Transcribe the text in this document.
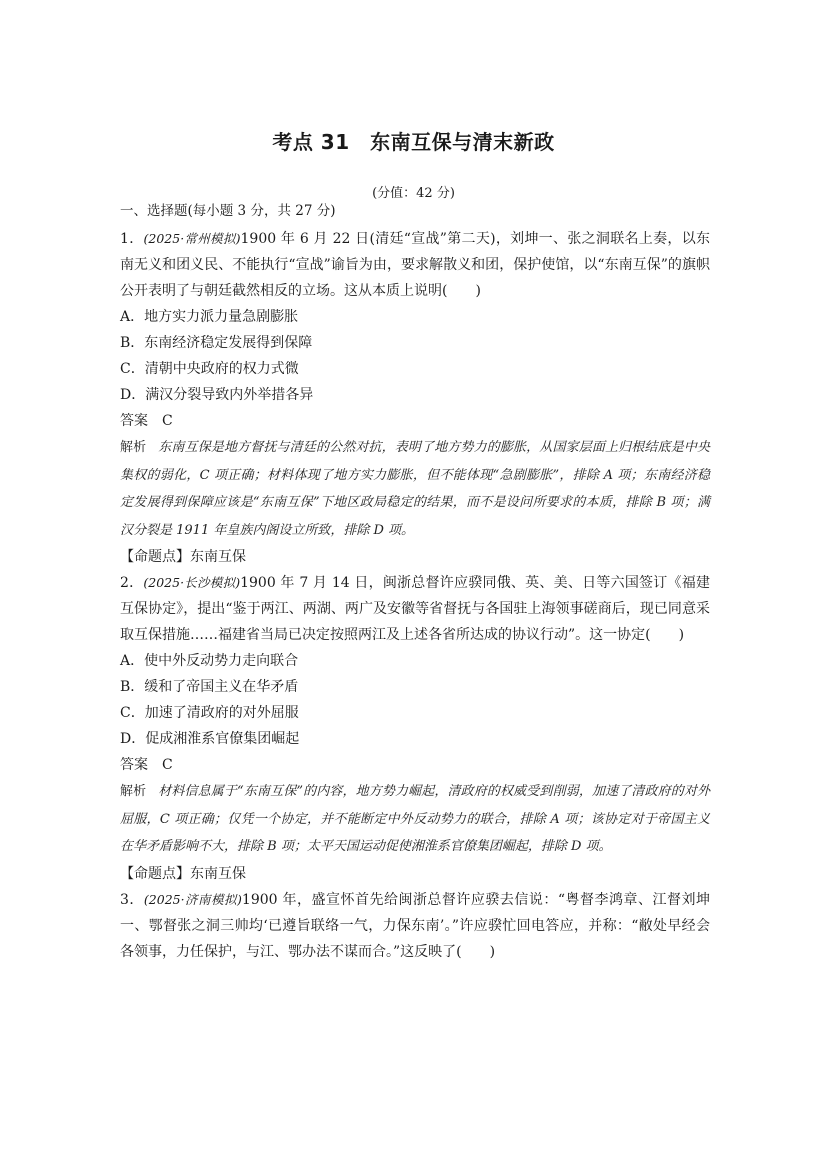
考点 31　东南互保与清末新政
(分值：42 分)
一、选择题(每小题 3 分，共 27 分)

1．(2025·常州模拟)1900 年 6 月 22 日(清廷“宣战”第二天)，刘坤一、张之洞联名上奏，以东南无义和团义民、不能执行“宣战”谕旨为由，要求解散义和团，保护使馆，以“东南互保”的旗帜公开表明了与朝廷截然相反的立场。这从本质上说明(　　)

A．地方实力派力量急剧膨胀

B．东南经济稳定发展得到保障

C．清朝中央政府的权力式微

D．满汉分裂导致内外举措各异

答案 C

解析 东南互保是地方督抚与清廷的公然对抗，表明了地方势力的膨胀，从国家层面上归根结底是中央集权的弱化，C 项正确；材料体现了地方实力膨胀，但不能体现“急剧膨胀”，排除 A 项；东南经济稳定发展得到保障应该是“东南互保”下地区政局稳定的结果，而不是设问所要求的本质，排除 B 项；满汉分裂是 1911 年皇族内阁设立所致，排除 D 项。

【命题点】东南互保

2．(2025·长沙模拟)1900 年 7 月 14 日，闽浙总督许应骙同俄、英、美、日等六国签订《福建互保协定》，提出“鉴于两江、两湖、两广及安徽等省督抚与各国驻上海领事磋商后，现已同意采取互保措施……福建省当局已决定按照两江及上述各省所达成的协议行动”。这一协定(　　)

A．使中外反动势力走向联合

B．缓和了帝国主义在华矛盾

C．加速了清政府的对外屈服

D．促成湘淮系官僚集团崛起

答案 C

解析 材料信息属于“东南互保”的内容，地方势力崛起，清政府的权威受到削弱，加速了清政府的对外屈服，C 项正确；仅凭一个协定，并不能断定中外反动势力的联合，排除 A 项；该协定对于帝国主义在华矛盾影响不大，排除 B 项；太平天国运动促使湘淮系官僚集团崛起，排除 D 项。

【命题点】东南互保

3．(2025·济南模拟)1900 年，盛宣怀首先给闽浙总督许应骙去信说：“粤督李鸿章、江督刘坤一、鄂督张之洞三帅均‘已遵旨联络一气，力保东南’。”许应骙忙回电答应，并称：“敝处早经会各领事，力任保护，与江、鄂办法不谋而合。”这反映了(　　)
